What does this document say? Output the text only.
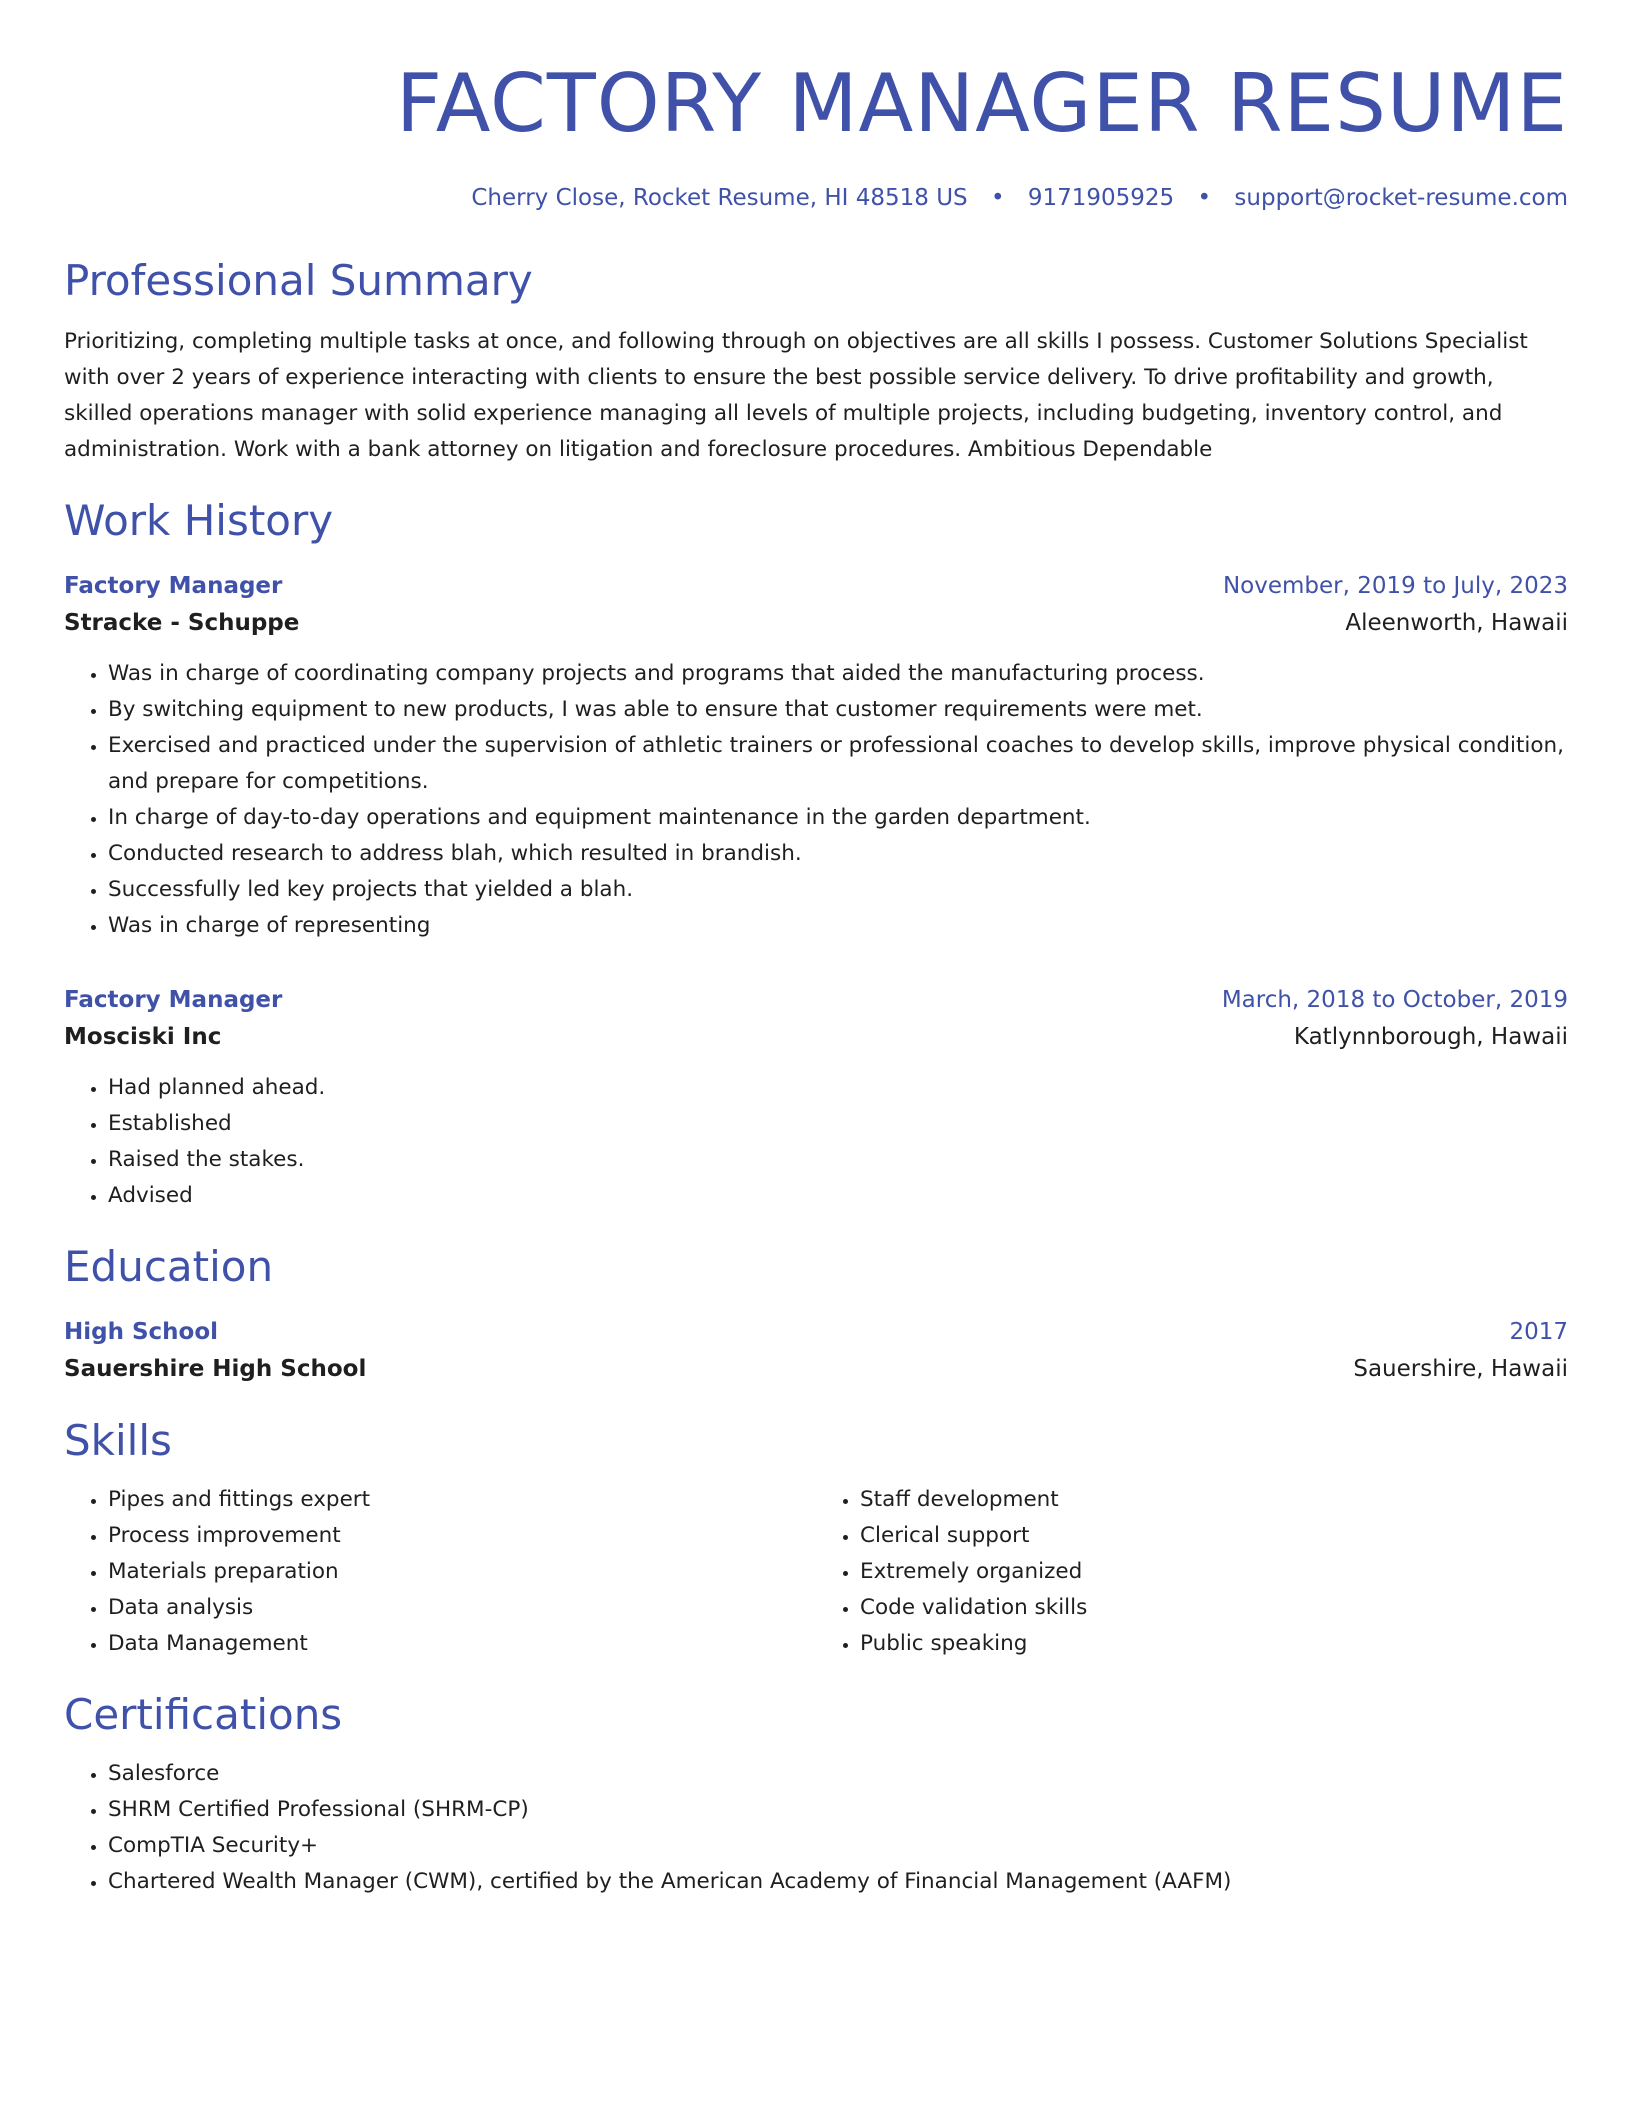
FACTORY MANAGER RESUME
Cherry Close, Rocket Resume, HI 48518 US • 9171905925 • support@rocket-resume.com
Professional Summary

Prioritizing, completing multiple tasks at once, and following through on objectives are all skills I possess. Customer Solutions Specialist with over 2 years of experience interacting with clients to ensure the best possible service delivery. To drive profitability and growth, skilled operations manager with solid experience managing all levels of multiple projects, including budgeting, inventory control, and administration. Work with a bank attorney on litigation and foreclosure procedures. Ambitious Dependable

Work History
Factory Manager	November, 2019 to July, 2023
Stracke - Schuppe	Aleenworth, Hawaii
• Was in charge of coordinating company projects and programs that aided the manufacturing process.
• By switching equipment to new products, I was able to ensure that customer requirements were met.
• Exercised and practiced under the supervision of athletic trainers or professional coaches to develop skills, improve physical condition, and prepare for competitions.
• In charge of day-to-day operations and equipment maintenance in the garden department.
• Conducted research to address blah, which resulted in brandish.
• Successfully led key projects that yielded a blah.
• Was in charge of representing
Factory Manager	March, 2018 to October, 2019
Mosciski Inc	Katlynnborough, Hawaii
• Had planned ahead.
• Established
• Raised the stakes.
• Advised
Education
High School	2017
Sauershire High School	Sauershire, Hawaii
Skills
• Pipes and fittings expert
• Process improvement
• Materials preparation
• Data analysis
• Data Management
• Staff development
• Clerical support
• Extremely organized
• Code validation skills
• Public speaking
Certifications
• Salesforce
• SHRM Certified Professional (SHRM-CP)
• CompTIA Security+
• Chartered Wealth Manager (CWM), certified by the American Academy of Financial Management (AAFM)
